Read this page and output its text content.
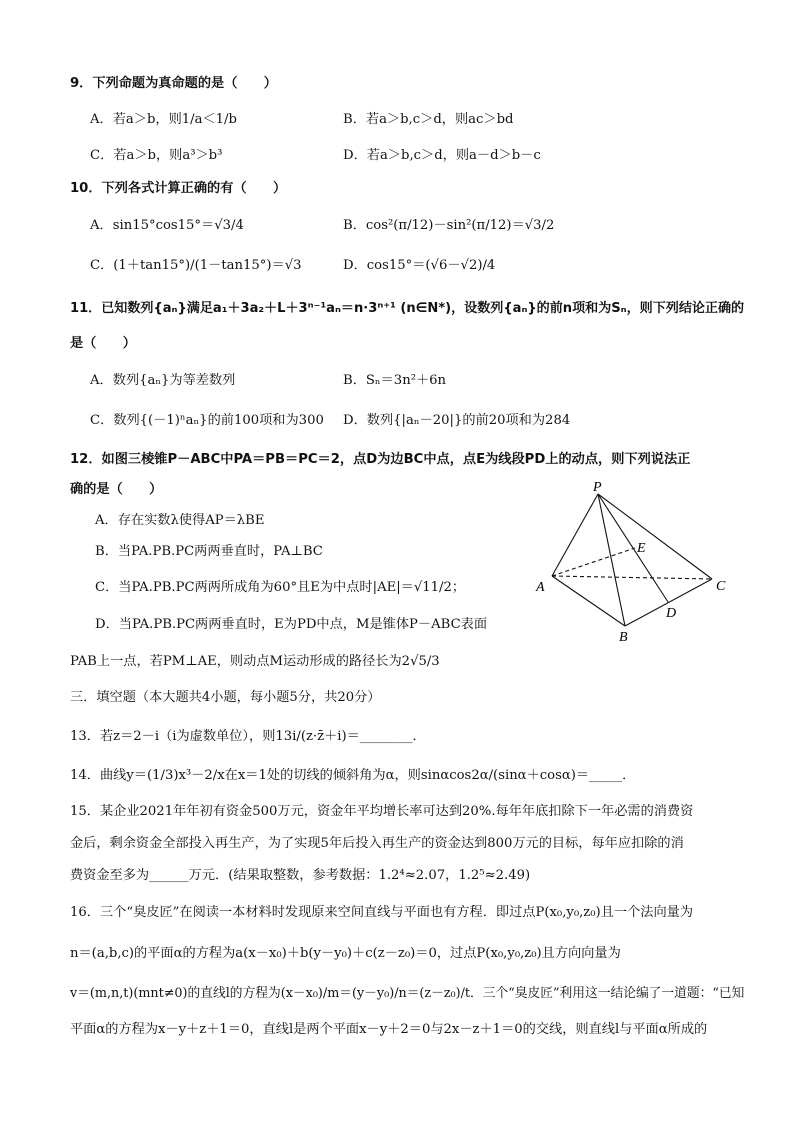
9．下列命题为真命题的是（　　）
A．若a＞b，则1/a＜1/b	B．若a＞b,c＞d，则ac＞bd
C．若a＞b，则a³＞b³	D．若a＞b,c＞d，则a－d＞b－c
10．下列各式计算正确的有（　　）
A．sin15°cos15°＝√3/4	B．cos²(π/12)－sin²(π/12)＝√3/2
C．(1＋tan15°)/(1－tan15°)＝√3	D．cos15°＝(√6－√2)/4
11．已知数列{aₙ}满足a₁＋3a₂＋L＋3ⁿ⁻¹aₙ＝n·3ⁿ⁺¹ (n∈N*)，设数列{aₙ}的前n项和为Sₙ，则下列结论正确的
是（　　）
A．数列{aₙ}为等差数列	B．Sₙ＝3n²＋6n
C．数列{(－1)ⁿaₙ}的前100项和为300 D．数列{|aₙ－20|}的前20项和为284
12．如图三棱锥P－ABC中PA＝PB＝PC＝2，点D为边BC中点，点E为线段PD上的动点，则下列说法正
确的是（　　）
A．存在实数λ使得AP＝λBE
B．当PA.PB.PC两两垂直时，PA⊥BC
C．当PA.PB.PC两两所成角为60°且E为中点时|AE|＝√11/2；
D．当PA.PB.PC两两垂直时，E为PD中点，M是锥体P－ABC表面
PAB上一点，若PM⊥AE，则动点M运动形成的路径长为2√5/3
P
A
B
C
D
E
三．填空题（本大题共4小题，每小题5分，共20分）
13．若z＝2－i（i为虚数单位），则13i/(z·z̄＋i)＝________．
14．曲线y＝(1/3)x³－2/x在x＝1处的切线的倾斜角为α，则sinαcos2α/(sinα＋cosα)＝_____．
15．某企业2021年年初有资金500万元，资金年平均增长率可达到20%.每年年底扣除下一年必需的消费资
金后，剩余资金全部投入再生产，为了实现5年后投入再生产的资金达到800万元的目标，每年应扣除的消
费资金至多为______万元．(结果取整数，参考数据：1.2⁴≈2.07，1.2⁵≈2.49)
16．三个“臭皮匠”在阅读一本材料时发现原来空间直线与平面也有方程．即过点P(x₀,y₀,z₀)且一个法向量为
n＝(a,b,c)的平面α的方程为a(x－x₀)＋b(y－y₀)＋c(z－z₀)＝0，过点P(x₀,y₀,z₀)且方向向量为
v＝(m,n,t)(mnt≠0)的直线l的方程为(x－x₀)/m＝(y－y₀)/n＝(z－z₀)/t．三个“臭皮匠”利用这一结论编了一道题：“已知
平面α的方程为x－y＋z＋1＝0，直线l是两个平面x－y＋2＝0与2x－z＋1＝0的交线，则直线l与平面α所成的
